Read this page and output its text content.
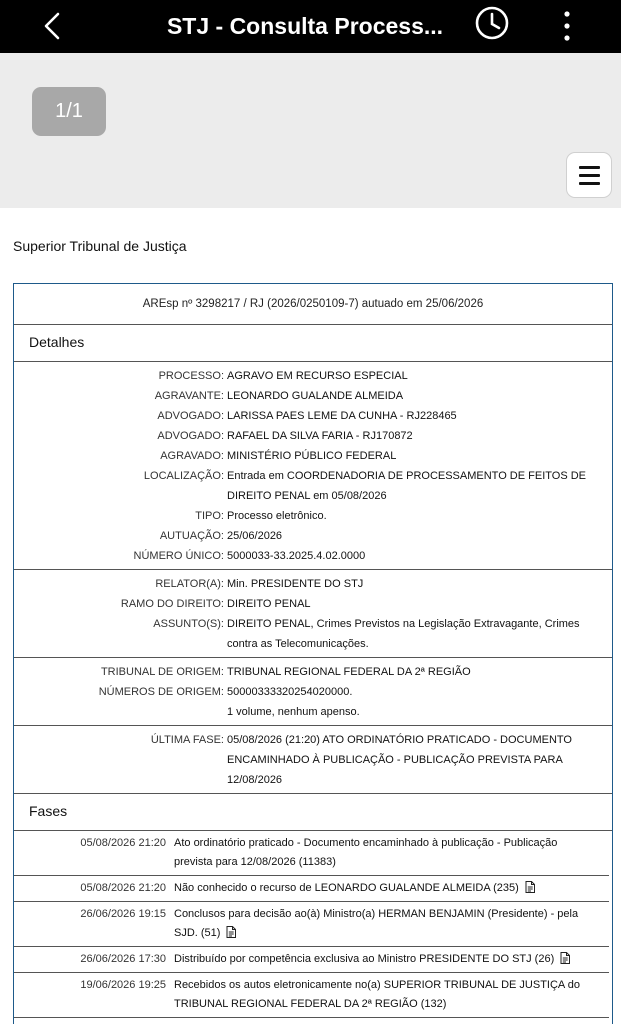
STJ - Consulta Process...
1/1
Superior Tribunal de Justiça
AREsp nº 3298217 / RJ (2026/0250109-7) autuado em 25/06/2026
Detalhes
PROCESSO: AGRAVO EM RECURSO ESPECIAL
AGRAVANTE: LEONARDO GUALANDE ALMEIDA
ADVOGADO: LARISSA PAES LEME DA CUNHA - RJ228465
ADVOGADO: RAFAEL DA SILVA FARIA - RJ170872
AGRAVADO: MINISTÉRIO PÚBLICO FEDERAL
LOCALIZAÇÃO: Entrada em COORDENADORIA DE PROCESSAMENTO DE FEITOS DE DIREITO PENAL em 05/08/2026
TIPO: Processo eletrônico.
AUTUAÇÃO: 25/06/2026
NÚMERO ÚNICO: 5000033-33.2025.4.02.0000
RELATOR(A): Min. PRESIDENTE DO STJ
RAMO DO DIREITO: DIREITO PENAL
ASSUNTO(S): DIREITO PENAL, Crimes Previstos na Legislação Extravagante, Crimes contra as Telecomunicações.
TRIBUNAL DE ORIGEM: TRIBUNAL REGIONAL FEDERAL DA 2ª REGIÃO
NÚMEROS DE ORIGEM: 50000333320254020000.
1 volume, nenhum apenso.
ÚLTIMA FASE: 05/08/2026 (21:20) ATO ORDINATÓRIO PRATICADO - DOCUMENTO ENCAMINHADO À PUBLICAÇÃO - PUBLICAÇÃO PREVISTA PARA 12/08/2026
Fases
05/08/2026 21:20 Ato ordinatório praticado - Documento encaminhado à publicação - Publicação prevista para 12/08/2026 (11383)
05/08/2026 21:20 Não conhecido o recurso de LEONARDO GUALANDE ALMEIDA (235)
26/06/2026 19:15 Conclusos para decisão ao(à) Ministro(a) HERMAN BENJAMIN (Presidente) - pela SJD. (51)
26/06/2026 17:30 Distribuído por competência exclusiva ao Ministro PRESIDENTE DO STJ (26)
19/06/2026 19:25 Recebidos os autos eletronicamente no(a) SUPERIOR TRIBUNAL DE JUSTIÇA do TRIBUNAL REGIONAL FEDERAL DA 2ª REGIÃO (132)
